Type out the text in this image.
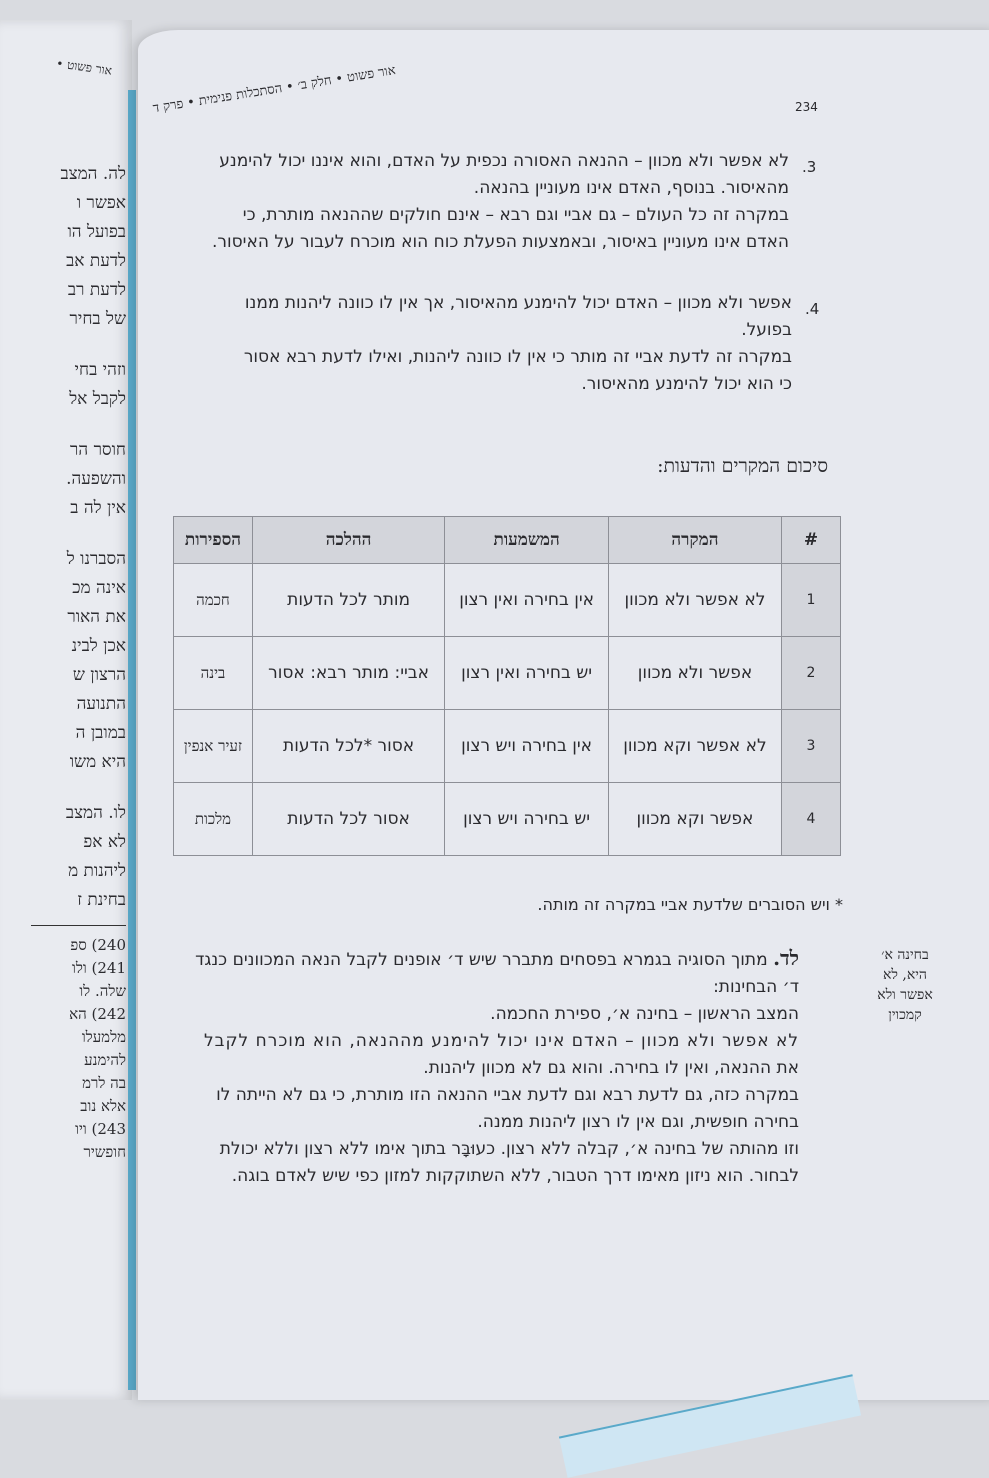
אור פשוט •
לה. המצב
אפשר ו
בפועל הו
לדעת אב
לדעת רב
של בחיר
וזהי בחי
לקבל אל
חוסר הר
והשפעה.
אין לה ב
הסברנו ל
אינה מכ
את האור
אכן לבינ
הרצון ש
התנועה
במובן ה
היא משו
לו. המצב
לא אפ
ליהנות מ
בחינת ז
240) ספ
241) ולו
שלה. לו
242) הא
מלמעלו
להימנע
בה לרמ
אלא נוב
243) ויו
חופשיר
אור פשוט • חלק ב׳ • הסתכלות פנימית • פרק ד	234
3.
לא אפשר ולא מכוון – ההנאה האסורה נכפית על האדם, והוא איננו יכול להימנע
מהאיסור. בנוסף, האדם אינו מעוניין בהנאה.
במקרה זה כל העולם – גם אביי וגם רבא – אינם חולקים שההנאה מותרת, כי
האדם אינו מעוניין באיסור, ובאמצעות הפעלת כוח הוא מוכרח לעבור על האיסור.
4.
אפשר ולא מכוון – האדם יכול להימנע מהאיסור, אך אין לו כוונה ליהנות ממנו
בפועל.
במקרה זה לדעת אביי זה מותר כי אין לו כוונה ליהנות, ואילו לדעת רבא אסור
כי הוא יכול להימנע מהאיסור.
סיכום המקרים והדעות:
#	המקרה	המשמעות	ההלכה	הספירות
1	לא אפשר ולא מכוון	אין בחירה ואין רצון	מותר לכל הדעות	חכמה
2	אפשר ולא מכוון	יש בחירה ואין רצון	אביי: מותר רבא: אסור	בינה
3	לא אפשר וקא מכוון	אין בחירה ויש רצון	אסור *לכל הדעות	זעיר אנפין
4	אפשר וקא מכוון	יש בחירה ויש רצון	אסור לכל הדעות	מלכות
* ויש הסוברים שלדעת אביי במקרה זה מותה.
בחינה א׳ היא, לא אפשר ולא קמכוין
לד. מתוך הסוגיה בגמרא בפסחים מתברר שיש ד׳ אופנים לקבל הנאה המכוונים כנגד
ד׳ הבחינות:
המצב הראשון – בחינה א׳, ספירת החכמה.
לא אפשר ולא מכוון – האדם אינו יכול להימנע מההנאה, הוא מוכרח לקבל
את ההנאה, ואין לו בחירה. והוא גם לא מכוון ליהנות.
במקרה כזה, גם לדעת רבא וגם לדעת אביי ההנאה הזו מותרת, כי גם לא הייתה לו
בחירה חופשית, וגם אין לו רצון ליהנות ממנה.
וזו מהותה של בחינה א׳, קבלה ללא רצון. כעוּבָּר בתוך אימו ללא רצון וללא יכולת
לבחור. הוא ניזון מאימו דרך הטבור, ללא השתוקקות למזון כפי שיש לאדם בוגה.
